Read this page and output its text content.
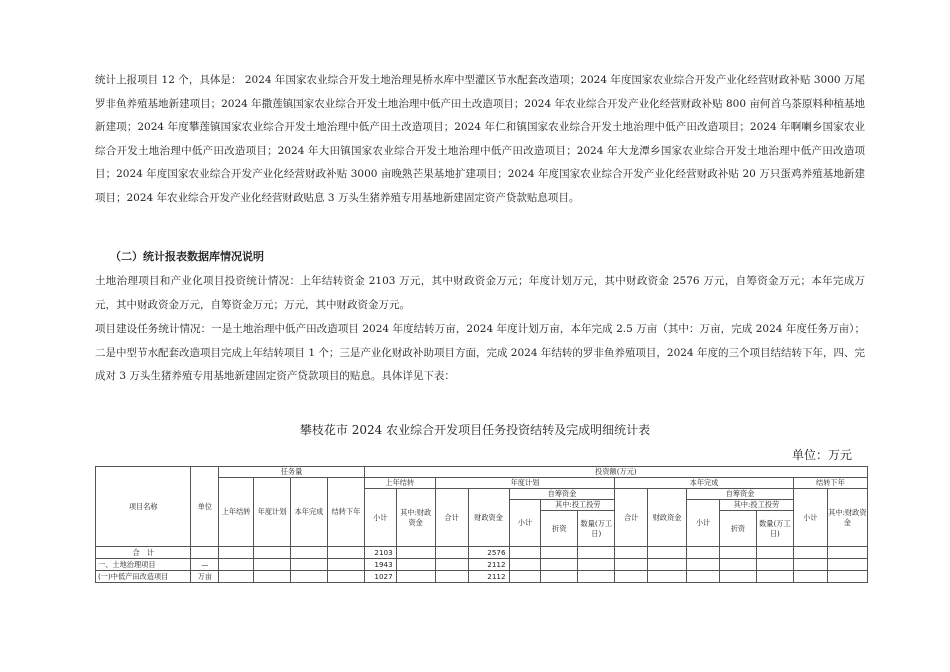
统计上报项目 12 个，具体是： 2024 年国家农业综合开发土地治理晃桥水库中型灌区节水配套改造项；2024 年度国家农业综合开发产业化经营财政补贴 3000 万尾罗非鱼养殖基地新建项目；2024 年撒莲镇国家农业综合开发土地治理中低产田土改造项目；2024 年农业综合开发产业化经营财政补贴 800 亩何首乌茶原料种植基地新建项；2024 年度攀莲镇国家农业综合开发土地治理中低产田土改造项目；2024 年仁和镇国家农业综合开发土地治理中低产田改造项目；2024 年啊喇乡国家农业综合开发土地治理中低产田改造项目；2024 年大田镇国家农业综合开发土地治理中低产田改造项目；2024 年大龙潭乡国家农业综合开发土地治理中低产田改造项目；2024 年度国家农业综合开发产业化经营财政补贴 3000 亩晚熟芒果基地扩建项目；2024 年度国家农业综合开发产业化经营财政补贴 20 万只蛋鸡养殖基地新建项目；2024 年农业综合开发产业化经营财政贴息 3 万头生猪养殖专用基地新建固定资产贷款贴息项目。

（二）统计报表数据库情况说明

土地治理项目和产业化项目投资统计情况：上年结转资金 2103 万元，其中财政资金万元；年度计划万元，其中财政资金 2576 万元，自筹资金万元；本年完成万元，其中财政资金万元，自筹资金万元；万元，其中财政资金万元。

项目建设任务统计情况：一是土地治理中低产田改造项目 2024 年度结转万亩，2024 年度计划万亩，本年完成 2.5 万亩（其中：万亩，完成 2024 年度任务万亩）；二是中型节水配套改造项目完成上年结转项目 1 个；三是产业化财政补助项目方面，完成 2024 年结转的罗非鱼养殖项目，2024 年度的三个项目结结转下年，四、完成对 3 万头生猪养殖专用基地新建固定资产贷款项目的贴息。具体详见下表：

攀枝花市 2024 农业综合开发项目任务投资结转及完成明细统计表

单位：万元

项目名称	单位	任务量				投资额(万元)													
		上年结转	年度计划	本年完成	结转下年	上年结转		年度计划					本年完成					结转下年	
						小计	其中:财政资金	合计	财政资金	自筹资金			合计	财政资金	自筹资金			小计	其中:财政资金
										小计	其中:投工投劳				小计	其中:投工投劳			
											折资	数量(万工日)				折资	数量(万工日)		

合　计						2103			2576										
一、土地治理项目	—					1943			2112										
(一)中低产田改造项目	万亩					1027			2112										
